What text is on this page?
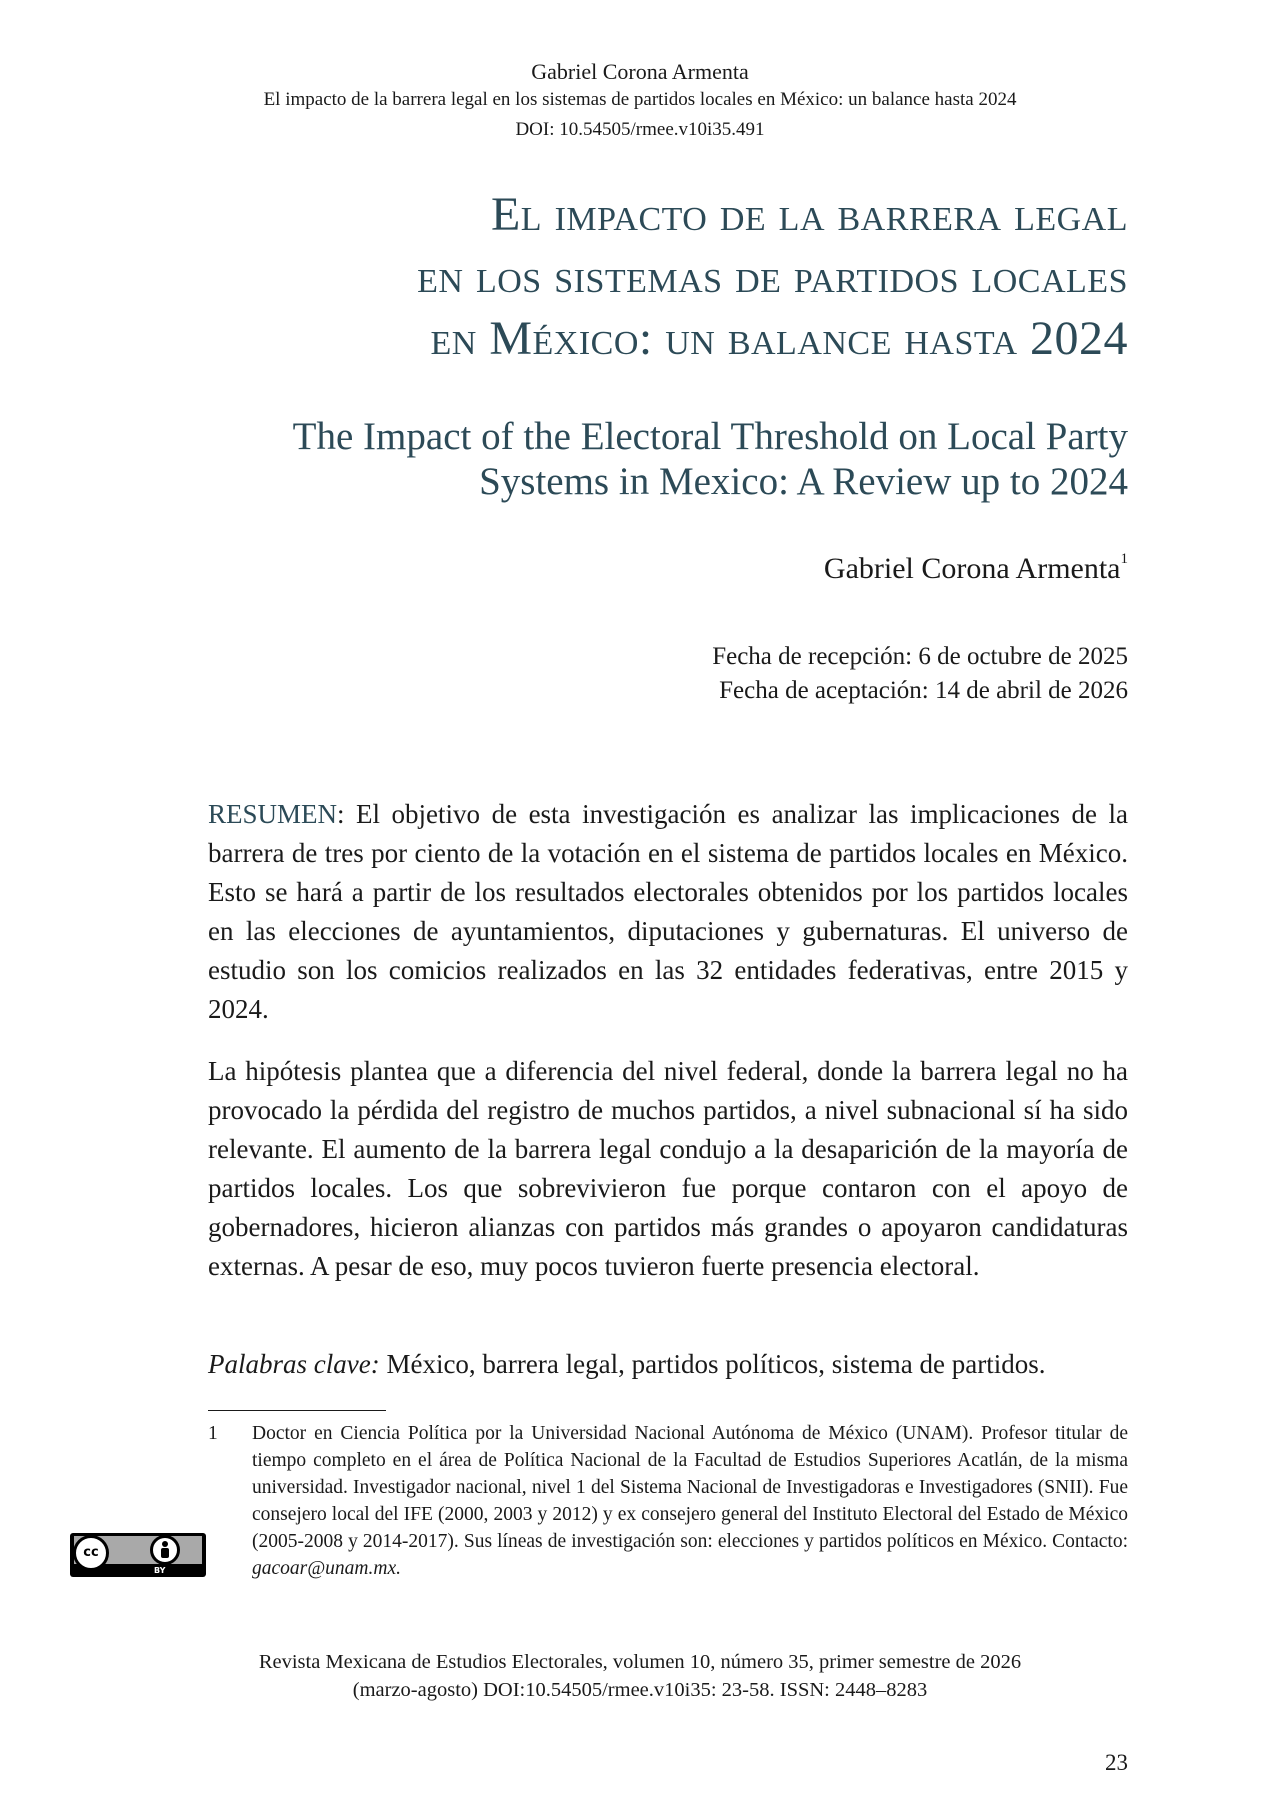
Gabriel Corona Armenta
El impacto de la barrera legal en los sistemas de partidos locales en México: un balance hasta 2024
DOI: 10.54505/rmee.v10i35.491
El impacto de la barrera legal
en los sistemas de partidos locales
en México: un balance hasta 2024
The Impact of the Electoral Threshold on Local Party Systems in Mexico: A Review up to 2024
Gabriel Corona Armenta$^1$
Fecha de recepción: 6 de octubre de 2025
Fecha de aceptación: 14 de abril de 2026

RESUMEN: El objetivo de esta investigación es analizar las implicaciones de la barrera de tres por ciento de la votación en el sistema de partidos locales en México. Esto se hará a partir de los resultados electorales obtenidos por los partidos locales en las elecciones de ayuntamientos, diputaciones y gubernaturas. El universo de estudio son los comicios realizados en las 32 entidades federativas, entre 2015 y 2024.

La hipótesis plantea que a diferencia del nivel federal, donde la barrera legal no ha provocado la pérdida del registro de muchos partidos, a nivel subnacional sí ha sido relevante. El aumento de la barrera legal condujo a la desaparición de la mayoría de partidos locales. Los que sobrevivieron fue porque contaron con el apoyo de gobernadores, hicieron alianzas con partidos más grandes o apoyaron candidaturas externas. A pesar de eso, muy pocos tuvieron fuerte presencia electoral.

Palabras clave: México, barrera legal, partidos políticos, sistema de partidos.

1 Doctor en Ciencia Política por la Universidad Nacional Autónoma de México (UNAM). Profesor titular de tiempo completo en el área de Política Nacional de la Facultad de Estudios Superiores Acatlán, de la misma universidad. Investigador nacional, nivel 1 del Sistema Nacional de Investigadoras e Investigadores (SNII). Fue consejero local del IFE (2000, 2003 y 2012) y ex consejero general del Instituto Electoral del Estado de México (2005-2008 y 2014-2017). Sus líneas de investigación son: elecciones y partidos políticos en México. Contacto: gacoar@unam.mx.
cc
BY
Revista Mexicana de Estudios Electorales, volumen 10, número 35, primer semestre de 2026
(marzo-agosto) DOI:10.54505/rmee.v10i35: 23-58. ISSN: 2448–8283
23
